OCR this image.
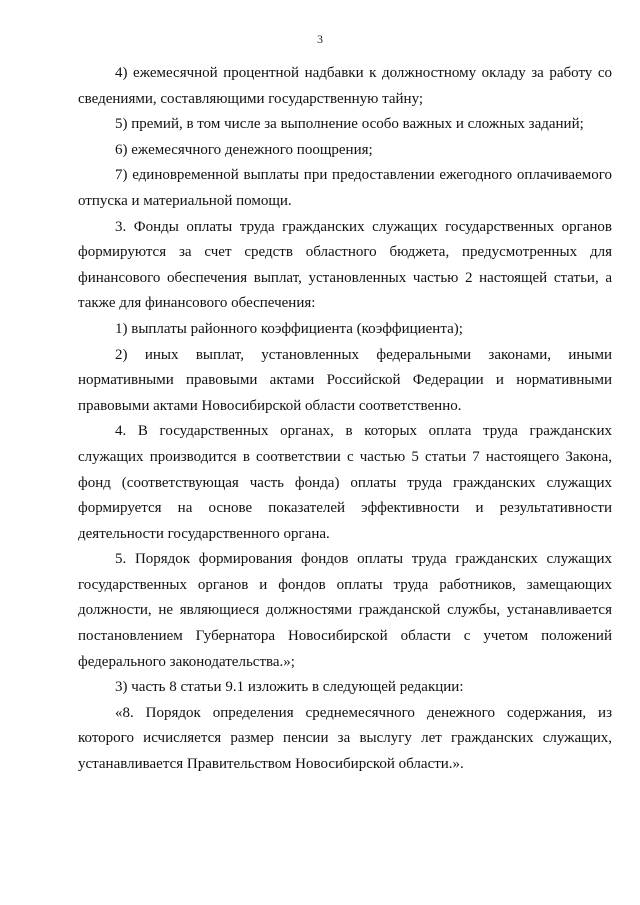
3

4) ежемесячной процентной надбавки к должностному окладу за работу со сведениями, составляющими государственную тайну;

5) премий, в том числе за выполнение особо важных и сложных заданий;

6) ежемесячного денежного поощрения;

7) единовременной выплаты при предоставлении ежегодного оплачиваемого отпуска и материальной помощи.

3. Фонды оплаты труда гражданских служащих государственных органов формируются за счет средств областного бюджета, предусмотренных для финансового обеспечения выплат, установленных частью 2 настоящей статьи, а также для финансового обеспечения:

1) выплаты районного коэффициента (коэффициента);

2) иных выплат, установленных федеральными законами, иными нормативными правовыми актами Российской Федерации и нормативными правовыми актами Новосибирской области соответственно.

4. В государственных органах, в которых оплата труда гражданских служащих производится в соответствии с частью 5 статьи 7 настоящего Закона, фонд (соответствующая часть фонда) оплаты труда гражданских служащих формируется на основе показателей эффективности и результативности деятельности государственного органа.

5. Порядок формирования фондов оплаты труда гражданских служащих государственных органов и фондов оплаты труда работников, замещающих должности, не являющиеся должностями гражданской службы, устанавливается постановлением Губернатора Новосибирской области с учетом положений федерального законодательства.»;

3) часть 8 статьи 9.1 изложить в следующей редакции:

«8. Порядок определения среднемесячного денежного содержания, из которого исчисляется размер пенсии за выслугу лет гражданских служащих, устанавливается Правительством Новосибирской области.».
